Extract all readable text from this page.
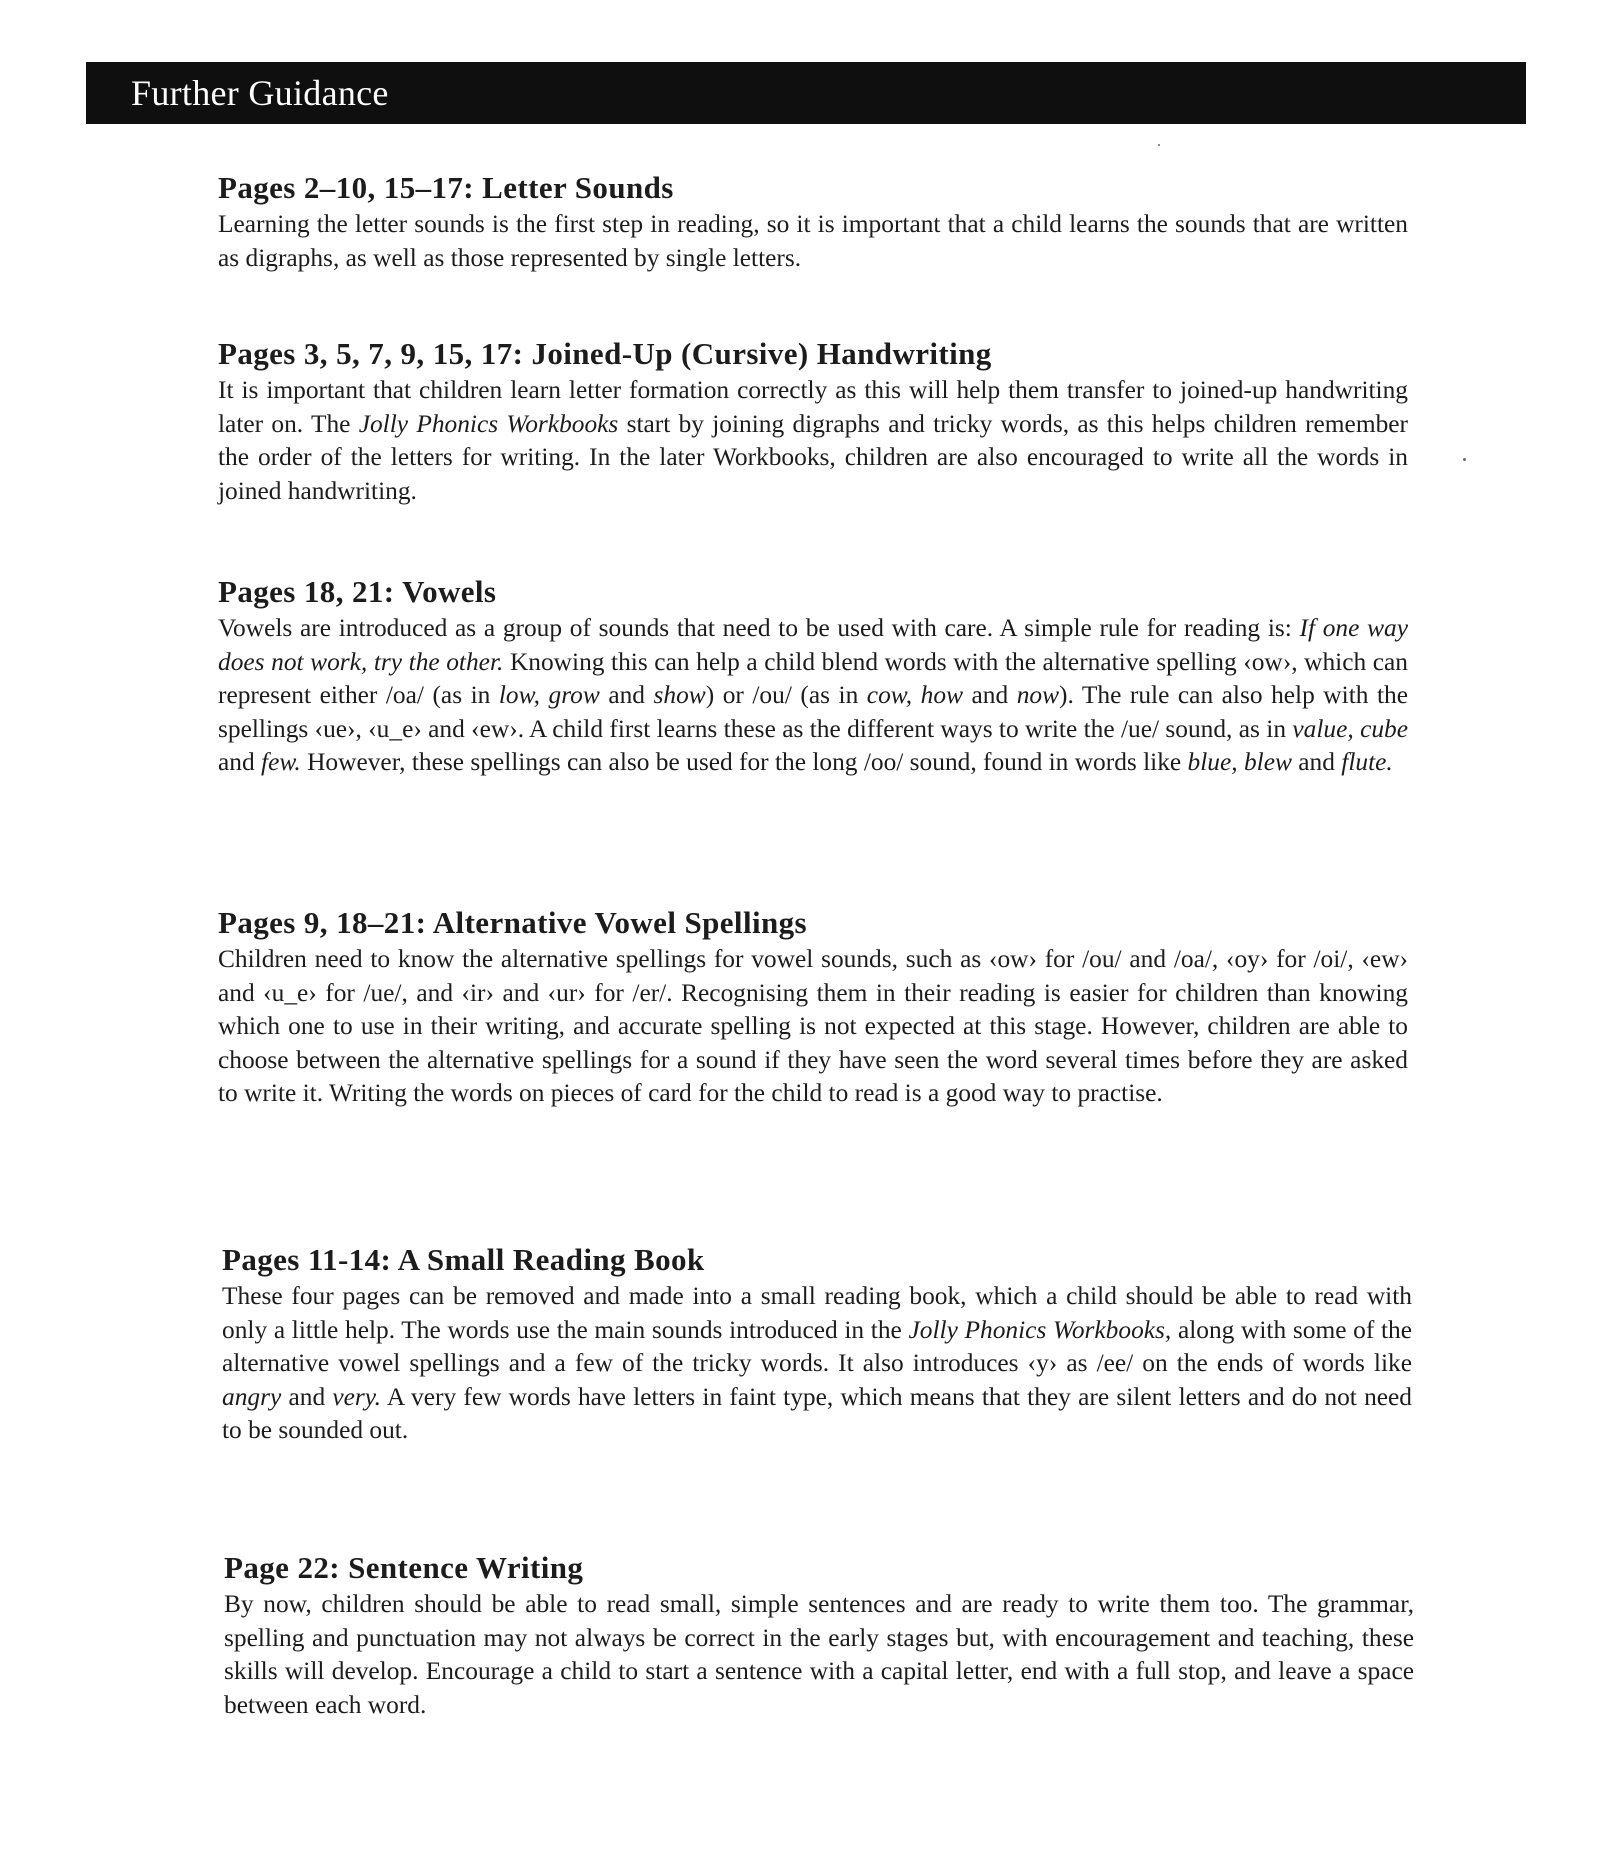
Further Guidance
Pages 2–10, 15–17: Letter Sounds

Learning the letter sounds is the first step in reading, so it is important that a child learns the sounds that are written as digraphs, as well as those represented by single letters.

Pages 3, 5, 7, 9, 15, 17: Joined-Up (Cursive) Handwriting

It is important that children learn letter formation correctly as this will help them transfer to joined-up handwriting later on. The Jolly Phonics Workbooks start by joining digraphs and tricky words, as this helps children remember the order of the letters for writing. In the later Workbooks, children are also encouraged to write all the words in joined handwriting.

Pages 18, 21: Vowels

Vowels are introduced as a group of sounds that need to be used with care. A simple rule for reading is: If one way does not work, try the other. Knowing this can help a child blend words with the alternative spelling ‹ow›, which can represent either /oa/ (as in low, grow and show) or /ou/ (as in cow, how and now). The rule can also help with the spellings ‹ue›, ‹u_e› and ‹ew›. A child first learns these as the different ways to write the /ue/ sound, as in value, cube and few. However, these spellings can also be used for the long /oo/ sound, found in words like blue, blew and flute.

Pages 9, 18–21: Alternative Vowel Spellings

Children need to know the alternative spellings for vowel sounds, such as ‹ow› for /ou/ and /oa/, ‹oy› for /oi/, ‹ew› and ‹u_e› for /ue/, and ‹ir› and ‹ur› for /er/. Recognising them in their reading is easier for children than knowing which one to use in their writing, and accurate spelling is not expected at this stage. However, children are able to choose between the alternative spellings for a sound if they have seen the word several times before they are asked to write it. Writing the words on pieces of card for the child to read is a good way to practise.

Pages 11-14: A Small Reading Book

These four pages can be removed and made into a small reading book, which a child should be able to read with only a little help. The words use the main sounds introduced in the Jolly Phonics Workbooks, along with some of the alternative vowel spellings and a few of the tricky words. It also introduces ‹y› as /ee/ on the ends of words like angry and very. A very few words have letters in faint type, which means that they are silent letters and do not need to be sounded out.

Page 22: Sentence Writing

By now, children should be able to read small, simple sentences and are ready to write them too. The grammar, spelling and punctuation may not always be correct in the early stages but, with encouragement and teaching, these skills will develop. Encourage a child to start a sentence with a capital letter, end with a full stop, and leave a space between each word.
